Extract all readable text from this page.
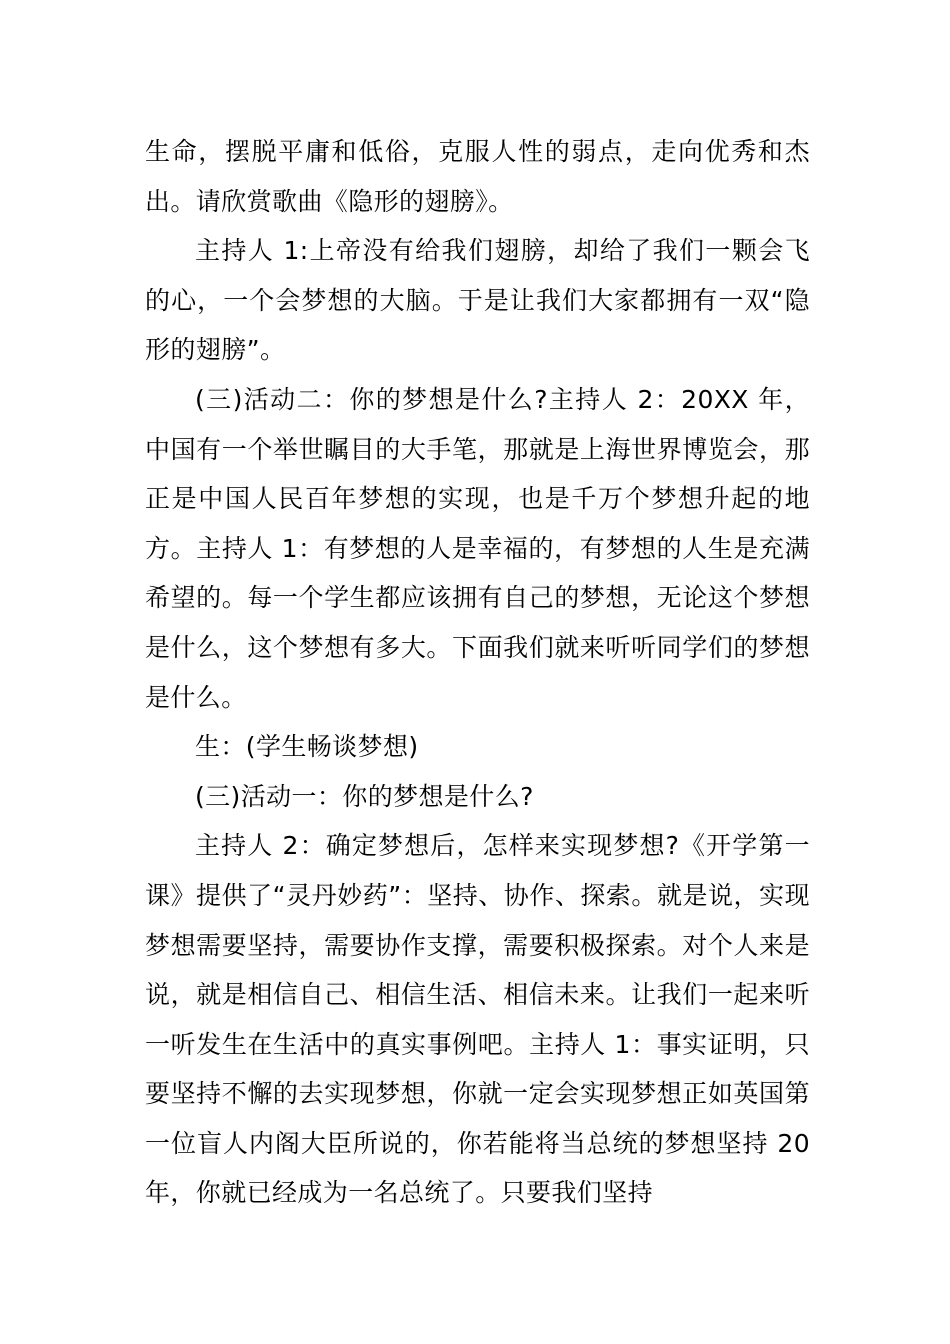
生命，摆脱平庸和低俗，克服人性的弱点，走向优秀和杰出。请欣赏歌曲《隐形的翅膀》。

主持人 1:上帝没有给我们翅膀，却给了我们一颗会飞的心，一个会梦想的大脑。于是让我们大家都拥有一双“隐形的翅膀”。

(三)活动二：你的梦想是什么?主持人 2：20XX 年，中国有一个举世瞩目的大手笔，那就是上海世界博览会，那正是中国人民百年梦想的实现，也是千万个梦想升起的地方。主持人 1：有梦想的人是幸福的，有梦想的人生是充满希望的。每一个学生都应该拥有自己的梦想，无论这个梦想是什么，这个梦想有多大。下面我们就来听听同学们的梦想是什么。

生：(学生畅谈梦想)

(三)活动一：你的梦想是什么?

主持人 2：确定梦想后，怎样来实现梦想?《开学第一课》提供了“灵丹妙药”：坚持、协作、探索。就是说，实现梦想需要坚持，需要协作支撑，需要积极探索。对个人来是说，就是相信自己、相信生活、相信未来。让我们一起来听一听发生在生活中的真实事例吧。主持人 1：事实证明，只要坚持不懈的去实现梦想，你就一定会实现梦想正如英国第一位盲人内阁大臣所说的，你若能将当总统的梦想坚持 20 年，你就已经成为一名总统了。只要我们坚持
